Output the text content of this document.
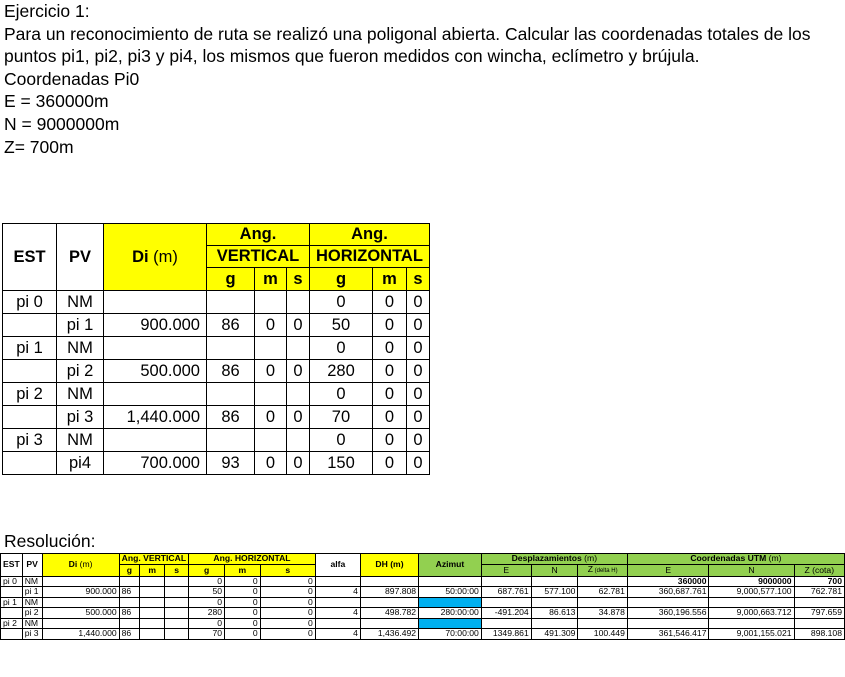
Ejercicio 1:
Para un reconocimiento de ruta se realizó una poligonal abierta. Calcular las coordenadas totales de los puntos pi1, pi2, pi3 y pi4, los mismos que fueron medidos con wincha, eclímetro y brújula.
Coordenadas Pi0
E = 360000m
N = 9000000m
Z= 700m
EST	PV	Di (m)	Ang.			Ang.		
			VERTICAL			HORIZONTAL		
			g	m	s	g	m	s
pi 0	NM					0	0	0
	pi 1	900.000	86	0	0	50	0	0
pi 1	NM					0	0	0
	pi 2	500.000	86	0	0	280	0	0
pi 2	NM					0	0	0
	pi 3	1,440.000	86	0	0	70	0	0
pi 3	NM					0	0	0
	pi4	700.000	93	0	0	150	0	0
Resolución:
EST	PV	Di (m)	Ang. VERTICAL			Ang. HORIZONTAL			alfa	DH (m)	Azimut	Desplazamientos (m)			Coordenadas UTM (m)		
			g	m	s	g	m	s				E	N	Z (delta H)	E	N	Z (cota)
pi 0	NM					0	0	0							360000	9000000	700
	pi 1	900.000	86			50	0	0	4	897.808	50:00:00	687.761	577.100	62.781	360,687.761	9,000,577.100	762.781
pi 1	NM					0	0	0									
	pi 2	500.000	86			280	0	0	4	498.782	280:00:00	-491.204	86.613	34.878	360,196.556	9,000,663.712	797.659
pi 2	NM					0	0	0									
	pi 3	1,440.000	86			70	0	0	4	1,436.492	70:00:00	1349.861	491.309	100.449	361,546.417	9,001,155.021	898.108
